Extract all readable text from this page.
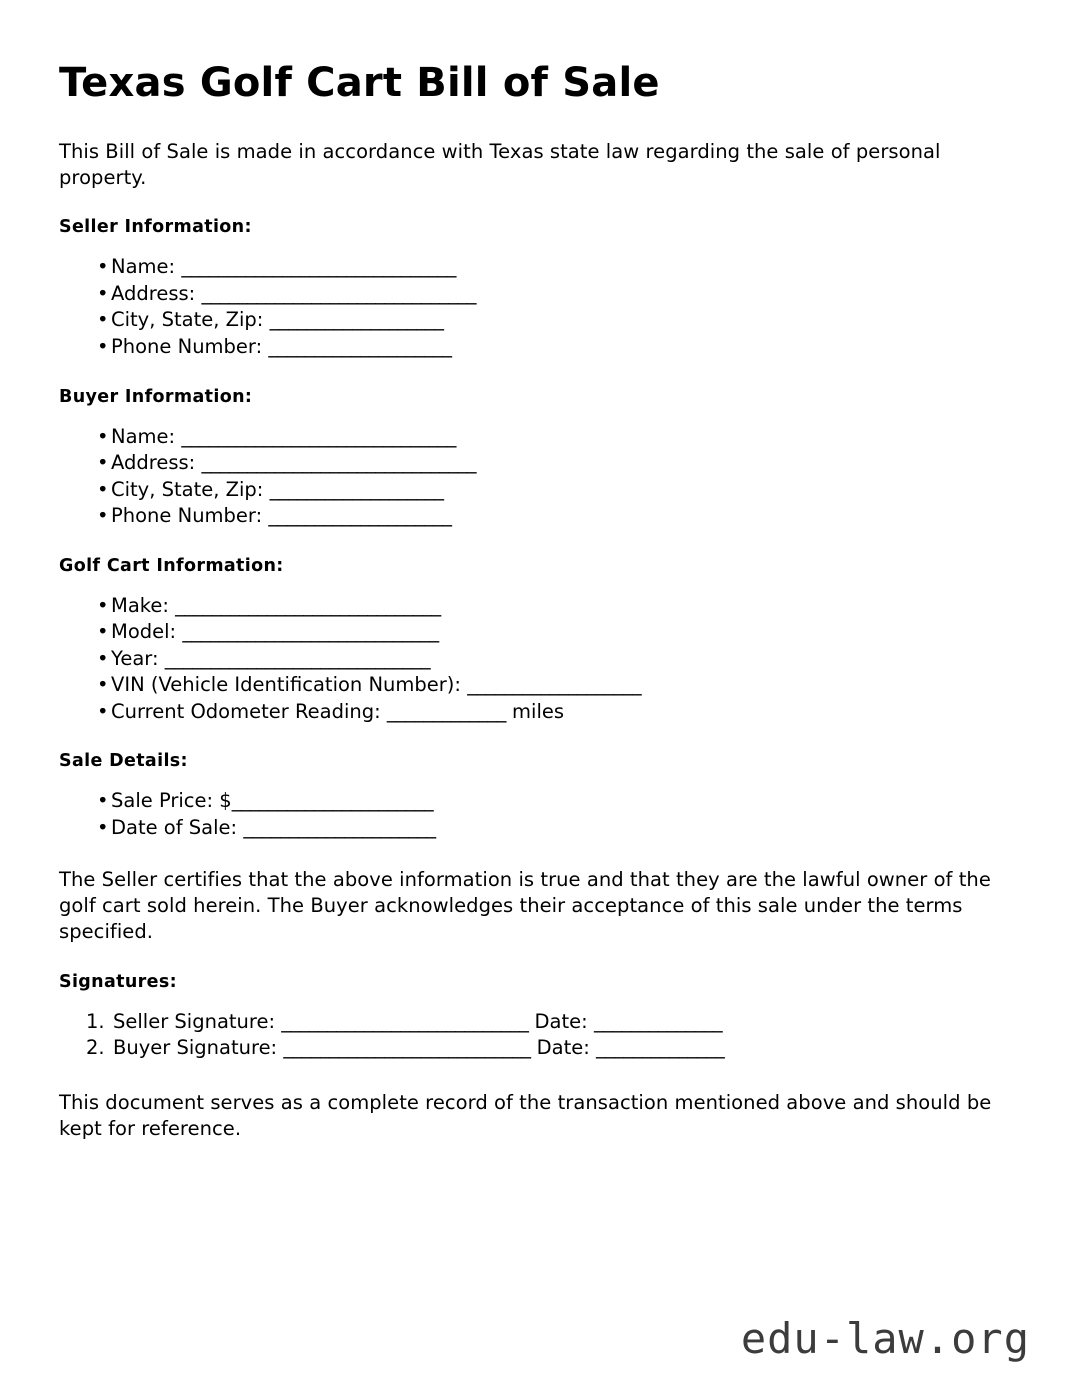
Texas Golf Cart Bill of Sale

This Bill of Sale is made in accordance with Texas state law regarding the sale of personal property.

Seller Information:
• Name: ______________________________
• Address: ______________________________
• City, State, Zip: ___________________
• Phone Number: ____________________
Buyer Information:
• Name: ______________________________
• Address: ______________________________
• City, State, Zip: ___________________
• Phone Number: ____________________
Golf Cart Information:
• Make: _____________________________
• Model: ____________________________
• Year: _____________________________
• VIN (Vehicle Identification Number): ___________________
• Current Odometer Reading: _____________ miles
Sale Details:
• Sale Price: $______________________
• Date of Sale: _____________________

The Seller certifies that the above information is true and that they are the lawful owner of the golf cart sold herein. The Buyer acknowledges their acceptance of this sale under the terms specified.

Signatures:
Seller Signature: ___________________________ Date: ______________
Buyer Signature: ___________________________ Date: ______________

This document serves as a complete record of the transaction mentioned above and should be kept for reference.

edu-law.org
